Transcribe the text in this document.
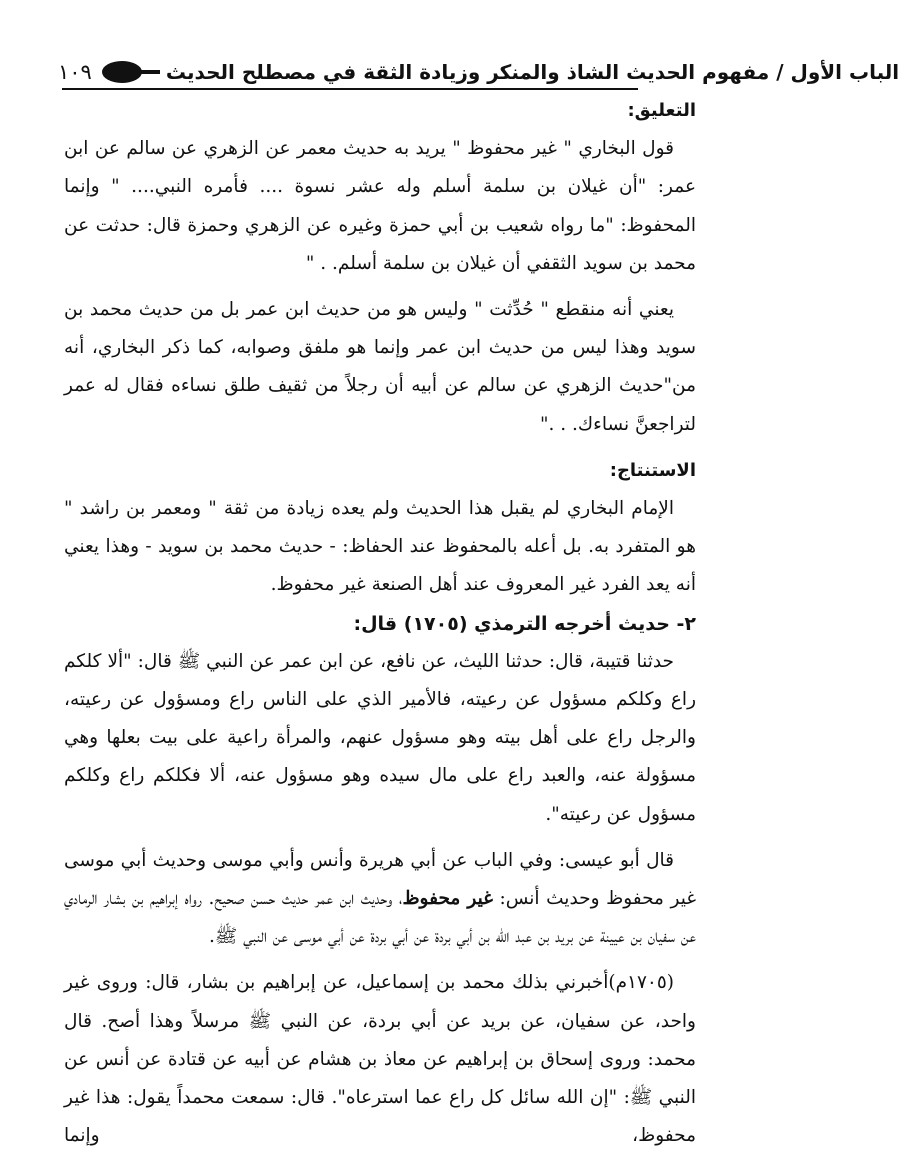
١٠٩	الباب الأول / مفهوم الحديث الشاذ والمنكر وزيادة الثقة في مصطلح الحديث

التعليق:

قول البخاري " غير محفوظ " يريد به حديث معمر عن الزهري عن سالم عن ابن عمر: "أن غيلان بن سلمة أسلم وله عشر نسوة .... فأمره النبي.... " وإنما المحفوظ: "ما رواه شعيب بن أبي حمزة وغيره عن الزهري وحمزة قال: حدثت عن محمد بن سويد الثقفي أن غيلان بن سلمة أسلم. . "

يعني أنه منقطع " حُدِّثت " وليس هو من حديث ابن عمر بل من حديث محمد بن سويد وهذا ليس من حديث ابن عمر وإنما هو ملفق وصوابه، كما ذكر البخاري، أنه من"حديث الزهري عن سالم عن أبيه أن رجلاً من ثقيف طلق نساءه فقال له عمر لتراجعنَّ نساءك. . ."

الاستنتاج:

الإمام البخاري لم يقبل هذا الحديث ولم يعده زيادة من ثقة " ومعمر بن راشد " هو المتفرد به. بل أعله بالمحفوظ عند الحفاظ: - حديث محمد بن سويد - وهذا يعني أنه يعد الفرد غير المعروف عند أهل الصنعة غير محفوظ.

٢- حديث أخرجه الترمذي (١٧٠٥) قال:

حدثنا قتيبة، قال: حدثنا الليث، عن نافع، عن ابن عمر عن النبي ﷺ قال: "ألا كلكم راع وكلكم مسؤول عن رعيته، فالأمير الذي على الناس راع ومسؤول عن رعيته، والرجل راع على أهل بيته وهو مسؤول عنهم، والمرأة راعية على بيت بعلها وهي مسؤولة عنه، والعبد راع على مال سيده وهو مسؤول عنه، ألا فكلكم راع وكلكم مسؤول عن رعيته".

قال أبو عيسى: وفي الباب عن أبي هريرة وأنس وأبي موسى وحديث أبي موسى غير محفوظ وحديث أنس: غير محفوظ، وحديث ابن عمر حديث حسن صحيح. رواه إبراهيم بن بشار الرمادي عن سفيان بن عيينة عن بريد بن عبد الله بن أبي بردة عن أبي بردة عن أبي موسى عن النبي ﷺ.

(١٧٠٥م)أخبرني بذلك محمد بن إسماعيل، عن إبراهيم بن بشار، قال: وروى غير واحد، عن سفيان، عن بريد عن أبي بردة، عن النبي ﷺ مرسلاً وهذا أصح. قال محمد: وروى إسحاق بن إبراهيم عن معاذ بن هشام عن أبيه عن قتادة عن أنس عن النبي ﷺ: "إن الله سائل كل راع عما استرعاه". قال: سمعت محمداً يقول: هذا غير محفوظ، وإنما
